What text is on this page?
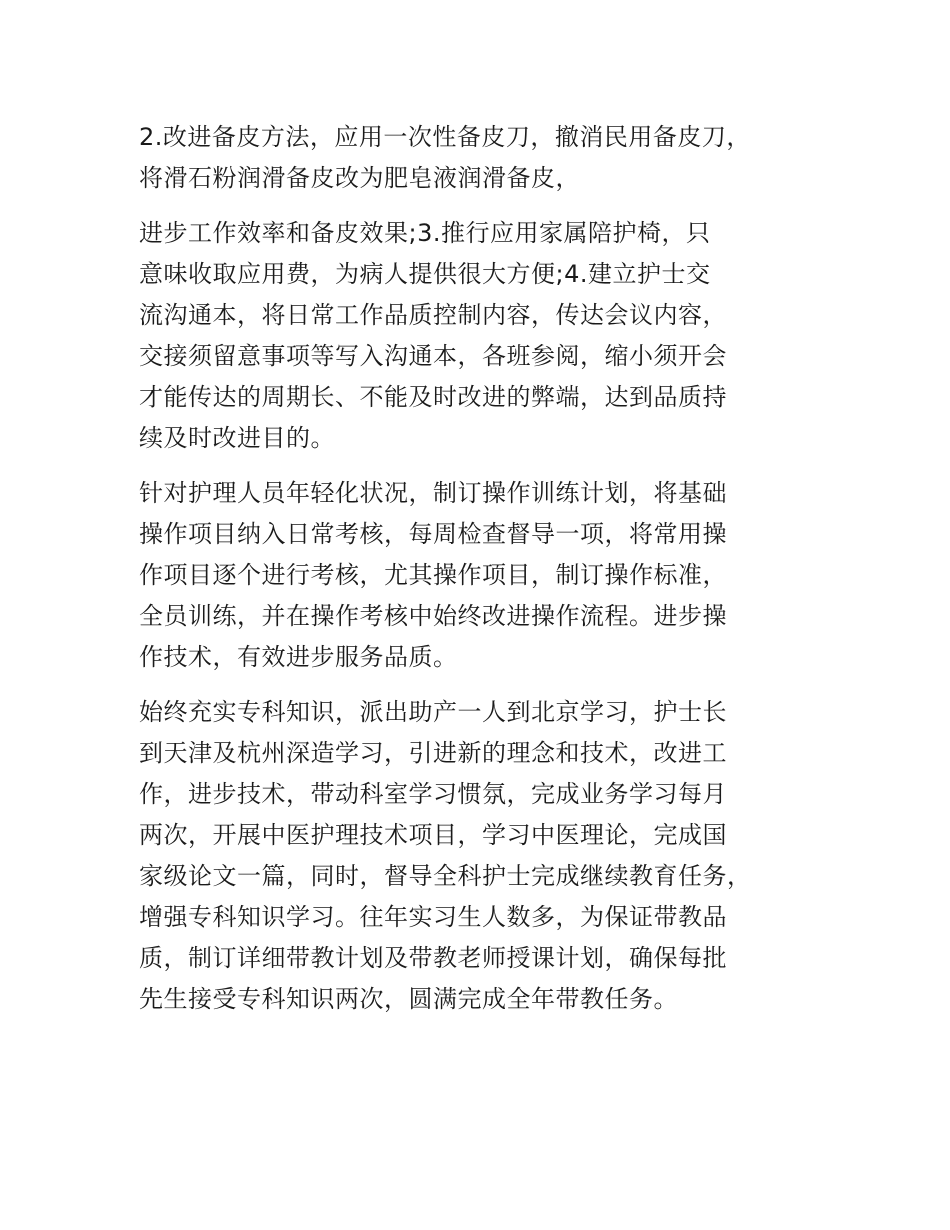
2.改进备皮方法，应用一次性备皮刀，撤消民用备皮刀，
将滑石粉润滑备皮改为肥皂液润滑备皮，
进步工作效率和备皮效果;3.推行应用家属陪护椅，只
意味收取应用费，为病人提供很大方便;4.建立护士交
流沟通本，将日常工作品质控制内容，传达会议内容，
交接须留意事项等写入沟通本，各班参阅，缩小须开会
才能传达的周期长、不能及时改进的弊端，达到品质持
续及时改进目的。
针对护理人员年轻化状况，制订操作训练计划，将基础
操作项目纳入日常考核，每周检查督导一项，将常用操
作项目逐个进行考核，尤其操作项目，制订操作标准，
全员训练，并在操作考核中始终改进操作流程。进步操
作技术，有效进步服务品质。
始终充实专科知识，派出助产一人到北京学习，护士长
到天津及杭州深造学习，引进新的理念和技术，改进工
作，进步技术，带动科室学习惯氛，完成业务学习每月
两次，开展中医护理技术项目，学习中医理论，完成国
家级论文一篇，同时，督导全科护士完成继续教育任务，
增强专科知识学习。往年实习生人数多，为保证带教品
质，制订详细带教计划及带教老师授课计划，确保每批
先生接受专科知识两次，圆满完成全年带教任务。
